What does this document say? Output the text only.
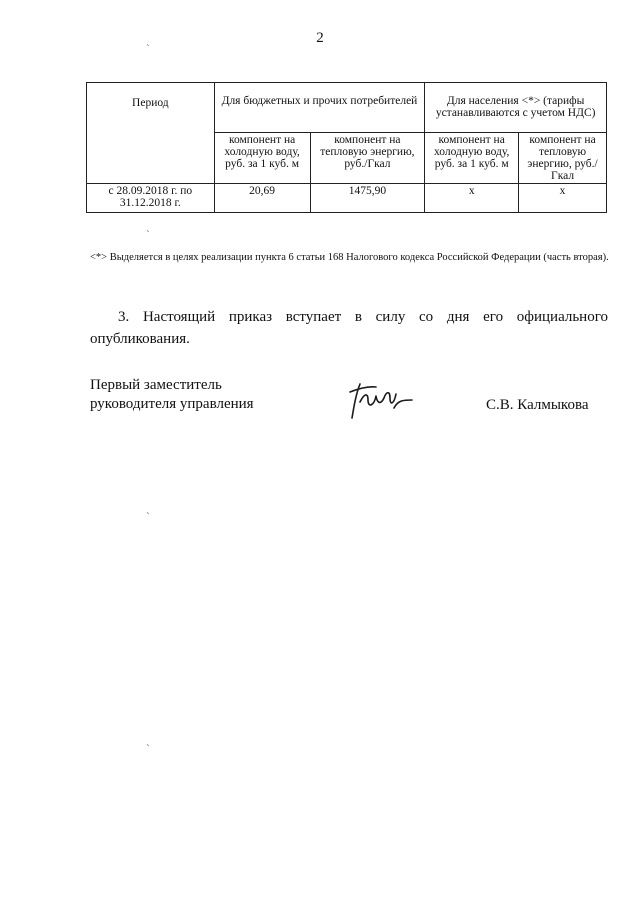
2
`
`
`
`
Период	Для бюджетных и прочих потребителей		Для населения <*> (тарифы устанавливаются с учетом НДС)	
	компонент на холодную воду, руб. за 1 куб. м	компонент на тепловую энергию, руб./Гкал	компонент на холодную воду, руб. за 1 куб. м	компонент на тепловую энергию, руб./Гкал
с 28.09.2018 г. по 31.12.2018 г.	20,69	1475,90	х	х
<*> Выделяется в целях реализации пункта 6 статьи 168 Налогового кодекса Российской Федерации (часть вторая).
3. Настоящий приказ вступает в силу со дня его официального опубликования.
Первый заместитель
руководителя управления	С.В. Калмыкова
